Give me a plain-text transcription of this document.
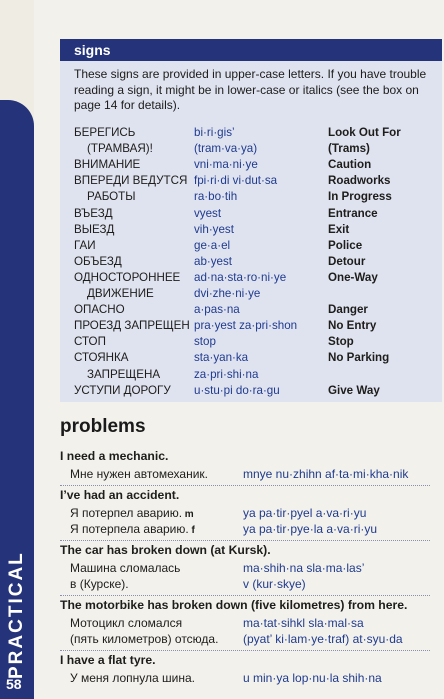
PRACTICAL
58
signs
These signs are provided in upper-case letters. If you have trouble reading a sign, it might be in lower-case or italics (see the box on page 14 for details).
БЕРЕГИСЬ	bi·ri·gis’	Look Out For
(ТРАМВАЯ)!	(tram·va·ya)	(Trams)
ВНИМАНИЕ	vni·ma·ni·ye	Caution
ВПЕРЕДИ ВЕДУТСЯ fpi·ri·di vi·dut·sa	Roadworks
РАБОТЫ	ra·bo·tih	In Progress
ВЪЕЗД	vyest	Entrance
ВЫЕЗД	vih·yest	Exit
ГАИ	ge·a·el	Police
ОБЪЕЗД	ab·yest	Detour
ОДНОСТОРОННЕЕ ad·na·sta·ro·ni·ye	One-Way
ДВИЖЕНИЕ	dvi·zhe·ni·ye
ОПАСНО	a·pas·na	Danger
ПРОЕЗД ЗАПРЕЩЕН pra·yest za·pri·shon	No Entry
СТОП	stop	Stop
СТОЯНКА	sta·yan·ka	No Parking
ЗАПРЕЩЕНА	za·pri·shi·na
УСТУПИ ДОРОГУ u·stu·pi do·ra·gu	Give Way
problems
I need a mechanic.
Мне нужен автомеханик.	mnye nu·zhihn af·ta·mi·kha·nik
I’ve had an accident.
Я потерпел аварию. m	ya pa·tir·pyel a·va·ri·yu
Я потерпела аварию. f	ya pa·tir·pye·la a·va·ri·yu
The car has broken down (at Kursk).
Машина сломалась	ma·shih·na sla·ma·las’
в (Курске).	v (kur·skye)
The motorbike has broken down (five kilometres) from here.
Мотоцикл сломался	ma·tat·sihkl sla·mal·sa
(пять километров) отсюда. (pyat’ ki·lam·ye·traf) at·syu·da
I have a flat tyre.
У меня лопнула шина.	u min·ya lop·nu·la shih·na
